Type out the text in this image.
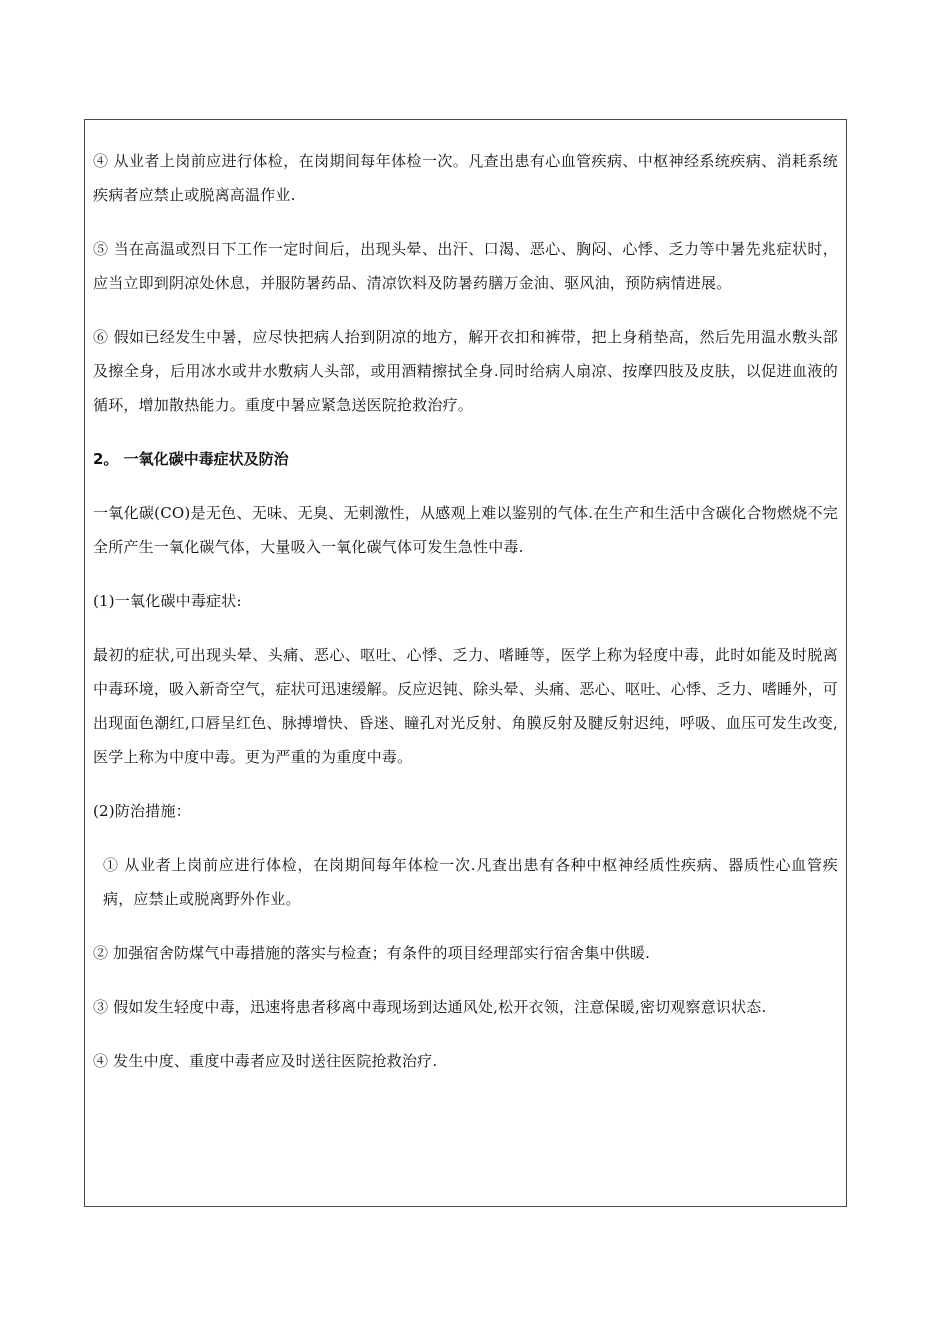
④ 从业者上岗前应进行体检，在岗期间每年体检一次。凡查出患有心血管疾病、中枢神经系统疾病、消耗系统疾病者应禁止或脱离高温作业.

⑤ 当在高温或烈日下工作一定时间后，出现头晕、出汗、口渴、恶心、胸闷、心悸、乏力等中暑先兆症状时，应当立即到阴凉处休息，并服防暑药品、清凉饮料及防暑药膳万金油、驱风油，预防病情进展。

⑥ 假如已经发生中暑，应尽快把病人抬到阴凉的地方，解开衣扣和裤带，把上身稍垫高，然后先用温水敷头部及擦全身，后用冰水或井水敷病人头部，或用酒精擦拭全身.同时给病人扇凉、按摩四肢及皮肤，以促进血液的循环，增加散热能力。重度中暑应紧急送医院抢救治疗。

2。 一氧化碳中毒症状及防治

一氧化碳(CO)是无色、无味、无臭、无刺激性，从感观上难以鉴别的气体.在生产和生活中含碳化合物燃烧不完全所产生一氧化碳气体，大量吸入一氧化碳气体可发生急性中毒.

(1)一氧化碳中毒症状:

最初的症状,可出现头晕、头痛、恶心、呕吐、心悸、乏力、嗜睡等，医学上称为轻度中毒，此时如能及时脱离中毒环境，吸入新奇空气，症状可迅速缓解。反应迟钝、除头晕、头痛、恶心、呕吐、心悸、乏力、嗜睡外，可出现面色潮红,口唇呈红色、脉搏增快、昏迷、瞳孔对光反射、角膜反射及腱反射迟纯，呼吸、血压可发生改变,医学上称为中度中毒。更为严重的为重度中毒。

(2)防治措施：

① 从业者上岗前应进行体检，在岗期间每年体检一次.凡查出患有各种中枢神经质性疾病、器质性心血管疾病，应禁止或脱离野外作业。

② 加强宿舍防煤气中毒措施的落实与检查；有条件的项目经理部实行宿舍集中供暖.

③ 假如发生轻度中毒，迅速将患者移离中毒现场到达通风处,松开衣领，注意保暖,密切观察意识状态.

④ 发生中度、重度中毒者应及时送往医院抢救治疗.
